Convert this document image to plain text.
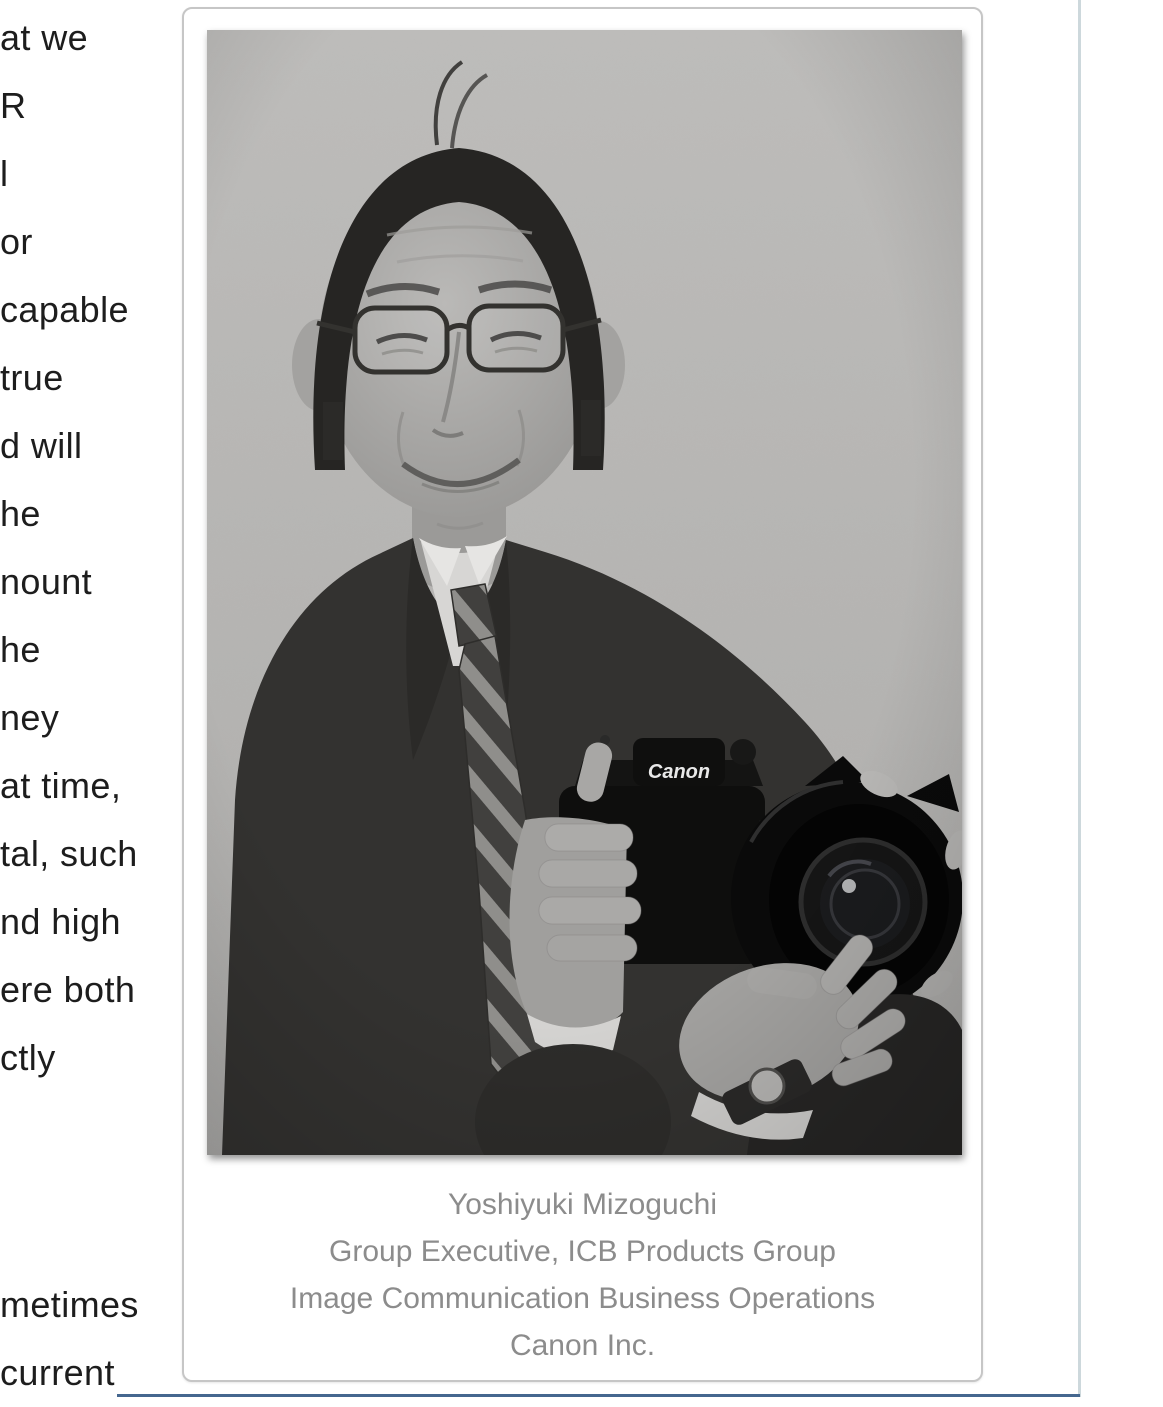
at we
R
l
or
capable
true
d will
he
nount
he
ney
at time,
tal, such
nd high
ere both
ctly
metimes
current
Yoshiyuki Mizoguchi
Group Executive, ICB Products Group
Image Communication Business Operations
Canon Inc.
